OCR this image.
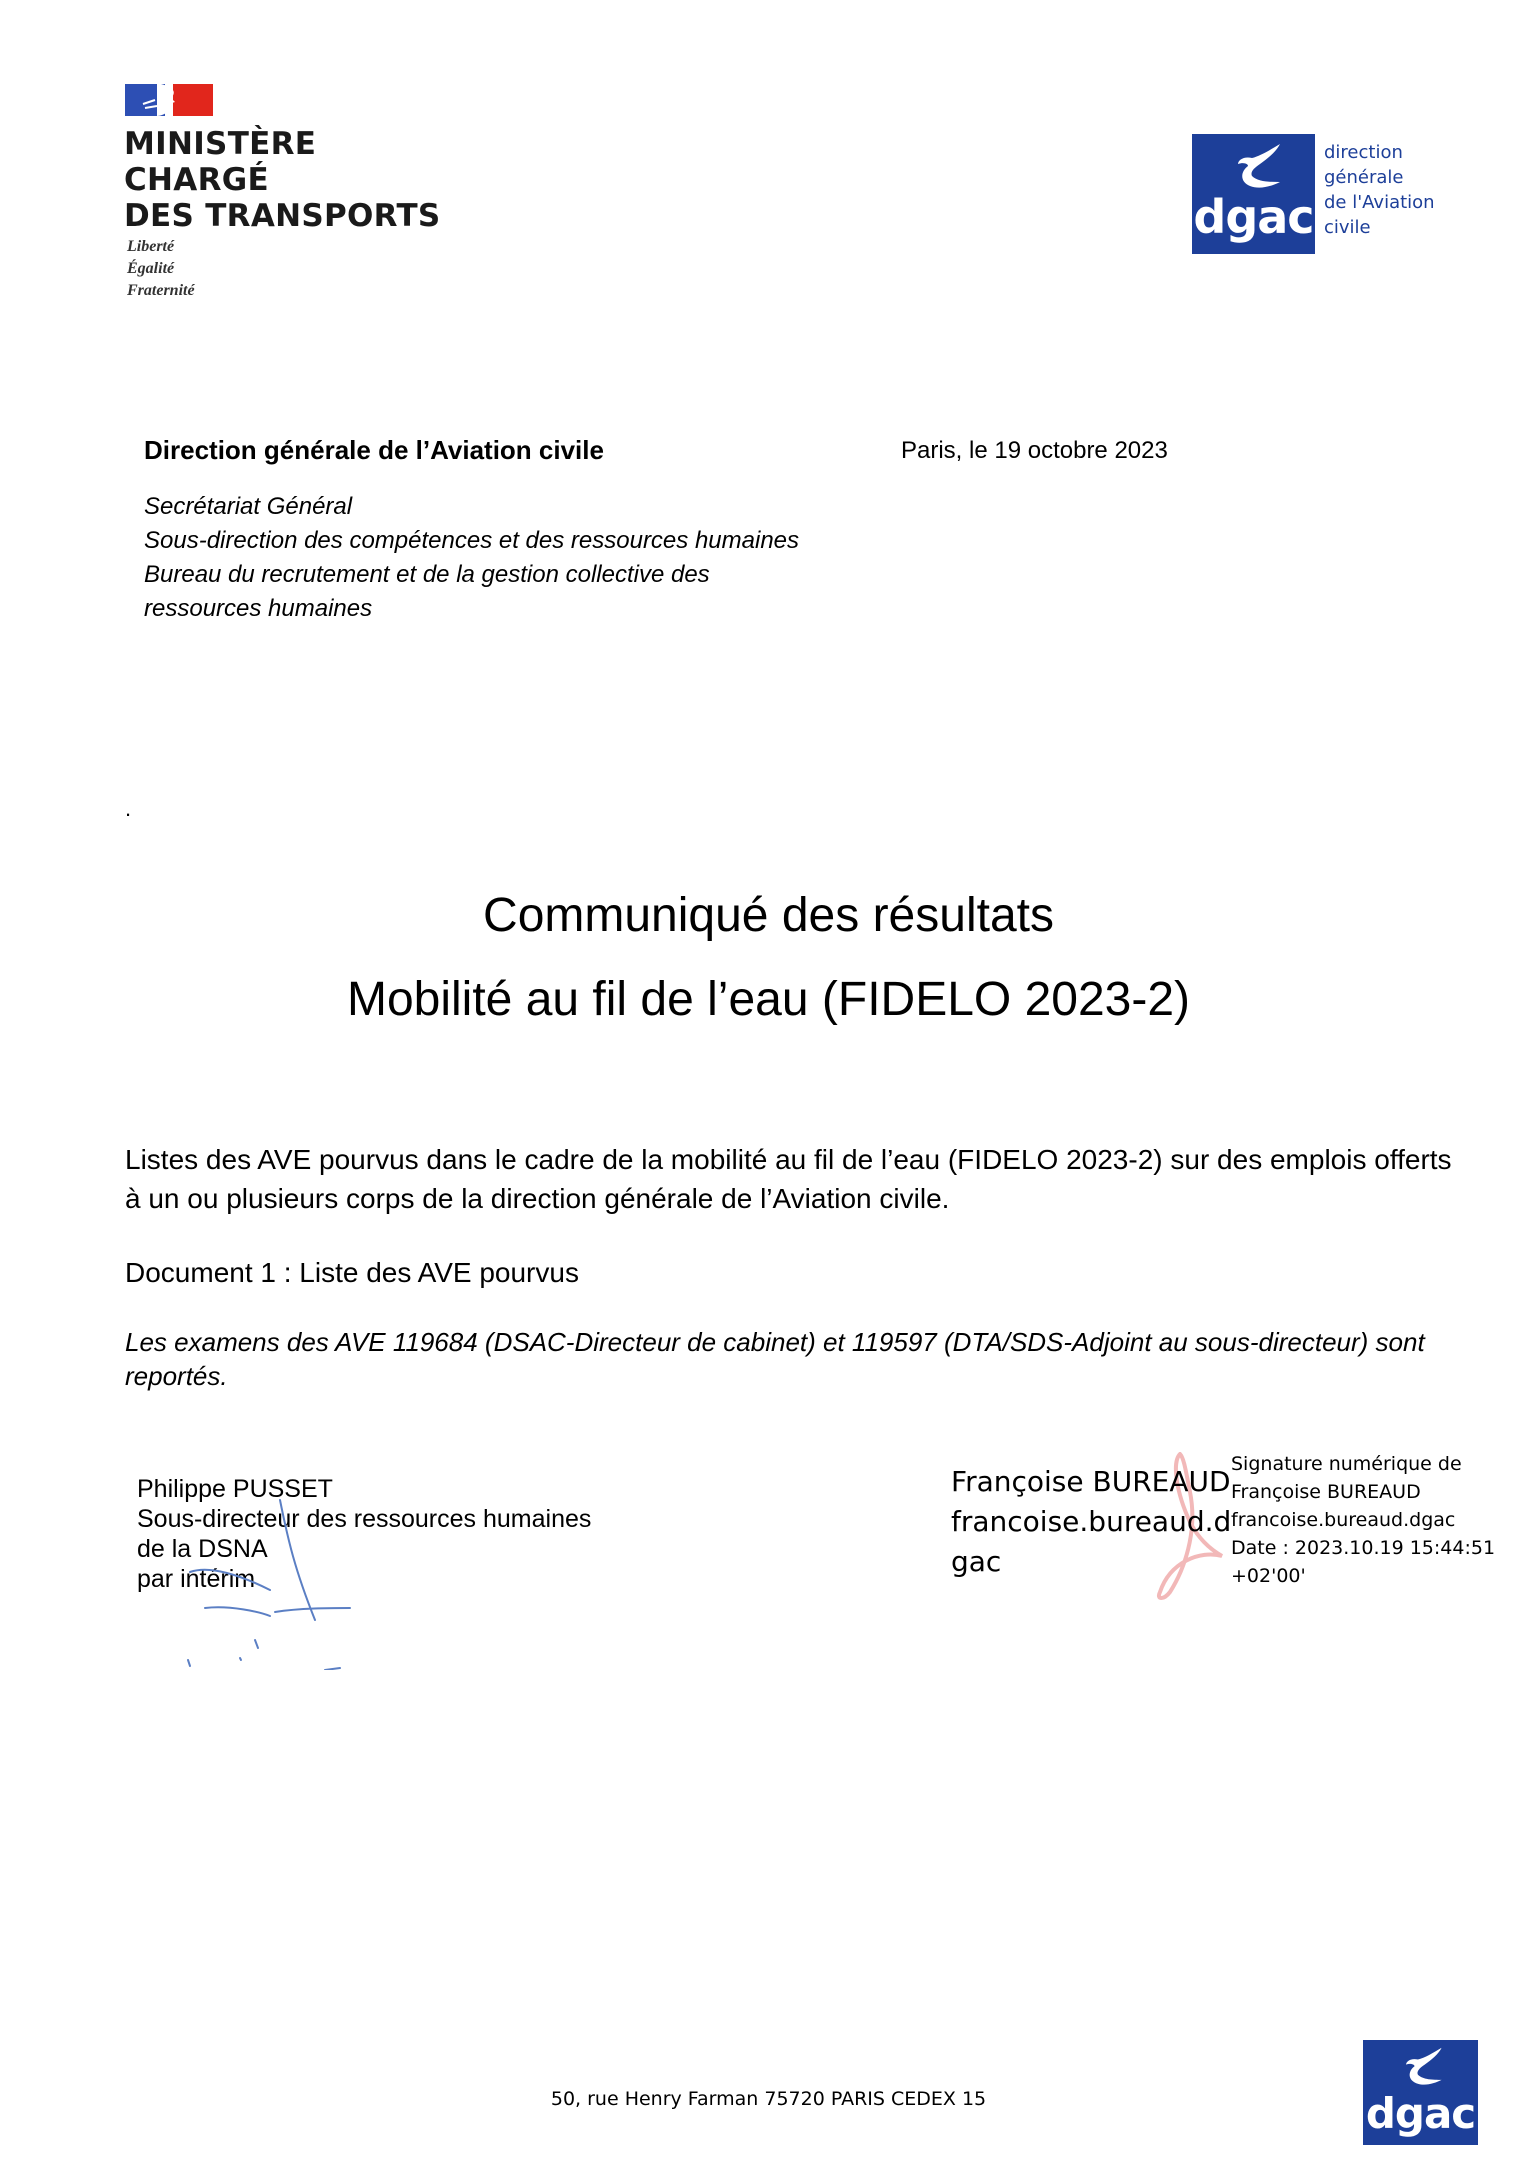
MINISTÈRE
CHARGÉ
DES TRANSPORTS
Liberté
Égalité
Fraternité
dgac
direction
générale
de l'Aviation
civile
Direction générale de l’Aviation civile	Paris, le 19 octobre 2023
Secrétariat Général
Sous-direction des compétences et des ressources humaines
Bureau du recrutement et de la gestion collective des
ressources humaines
.
Communiqué des résultats
Mobilité au fil de l’eau (FIDELO 2023-2)
Listes des AVE pourvus dans le cadre de la mobilité au fil de l’eau (FIDELO 2023-2) sur des emplois offerts à un ou plusieurs corps de la direction générale de l’Aviation civile.
Document 1 : Liste des AVE pourvus
Les examens des AVE 119684 (DSAC-Directeur de cabinet) et 119597 (DTA/SDS-Adjoint au sous-directeur) sont reportés.
Philippe PUSSET
Sous-directeur des ressources humaines
de la DSNA
par intérim
Françoise BUREAUD
francoise.bureaud.d
gac
Signature numérique de
Françoise BUREAUD
francoise.bureaud.dgac
Date : 2023.10.19 15:44:51
+02'00'
50, rue Henry Farman 75720 PARIS CEDEX 15	dgac
